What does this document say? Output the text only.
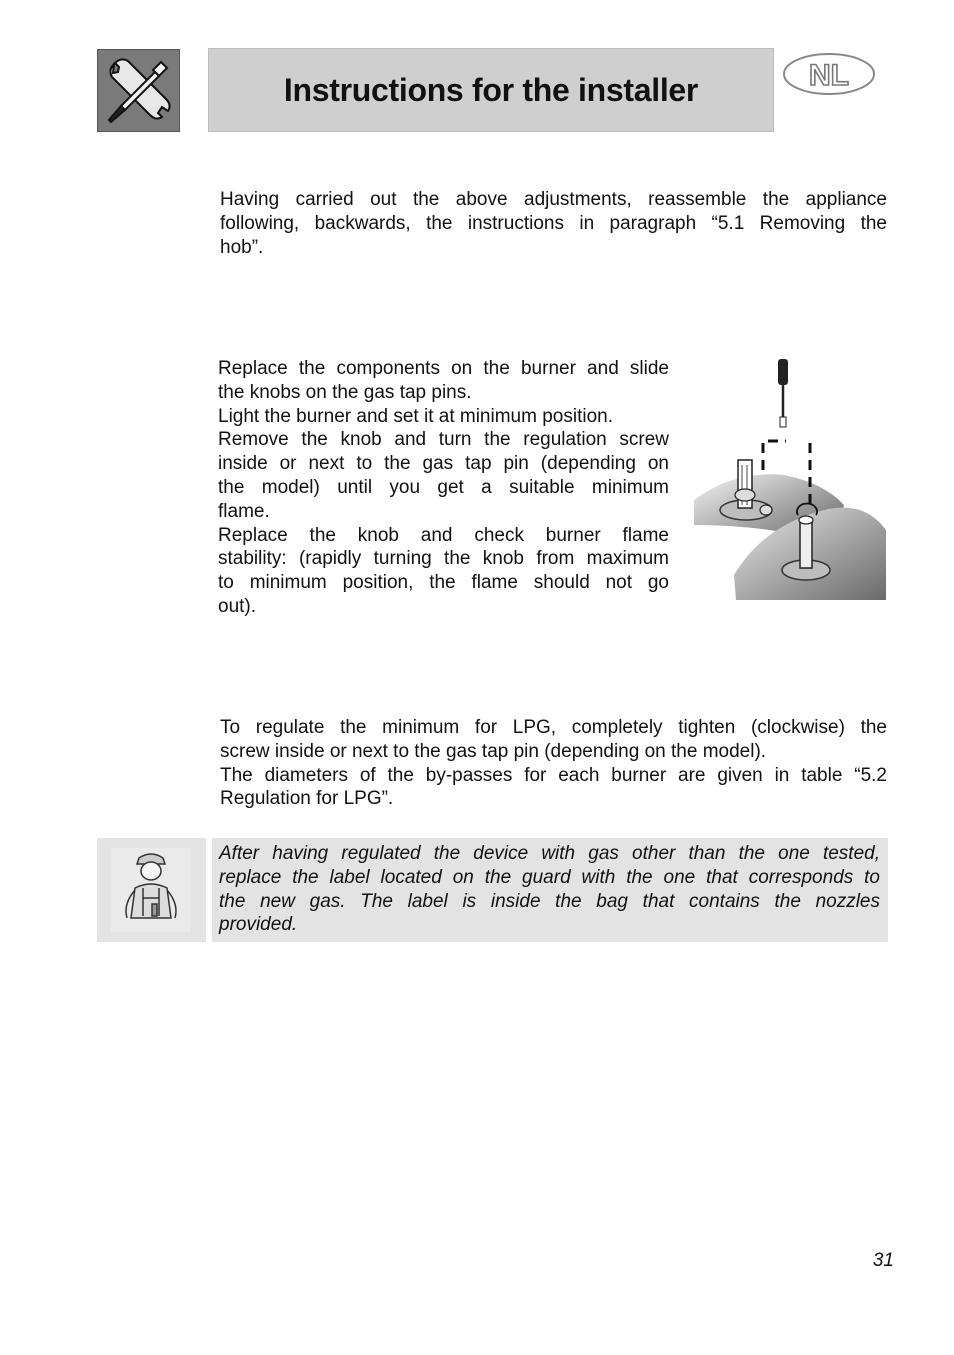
Instructions for the installer	NL
Having carried out the above adjustments, reassemble the appliance
following, backwards, the instructions in paragraph “5.1 Removing the
hob”.
Replace the components on the burner and slide
the knobs on the gas tap pins.
Light the burner and set it at minimum position.
Remove the knob and turn the regulation screw
inside or next to the gas tap pin (depending on
the model) until you get a suitable minimum
flame.
Replace the knob and check burner flame
stability: (rapidly turning the knob from maximum
to minimum position, the flame should not go
out).
To regulate the minimum for LPG, completely tighten (clockwise) the
screw inside or next to the gas tap pin (depending on the model).
The diameters of the by-passes for each burner are given in table “5.2
Regulation for LPG”.
After having regulated the device with gas other than the one tested,
replace the label located on the guard with the one that corresponds to
the new gas. The label is inside the bag that contains the nozzles
provided.
31
